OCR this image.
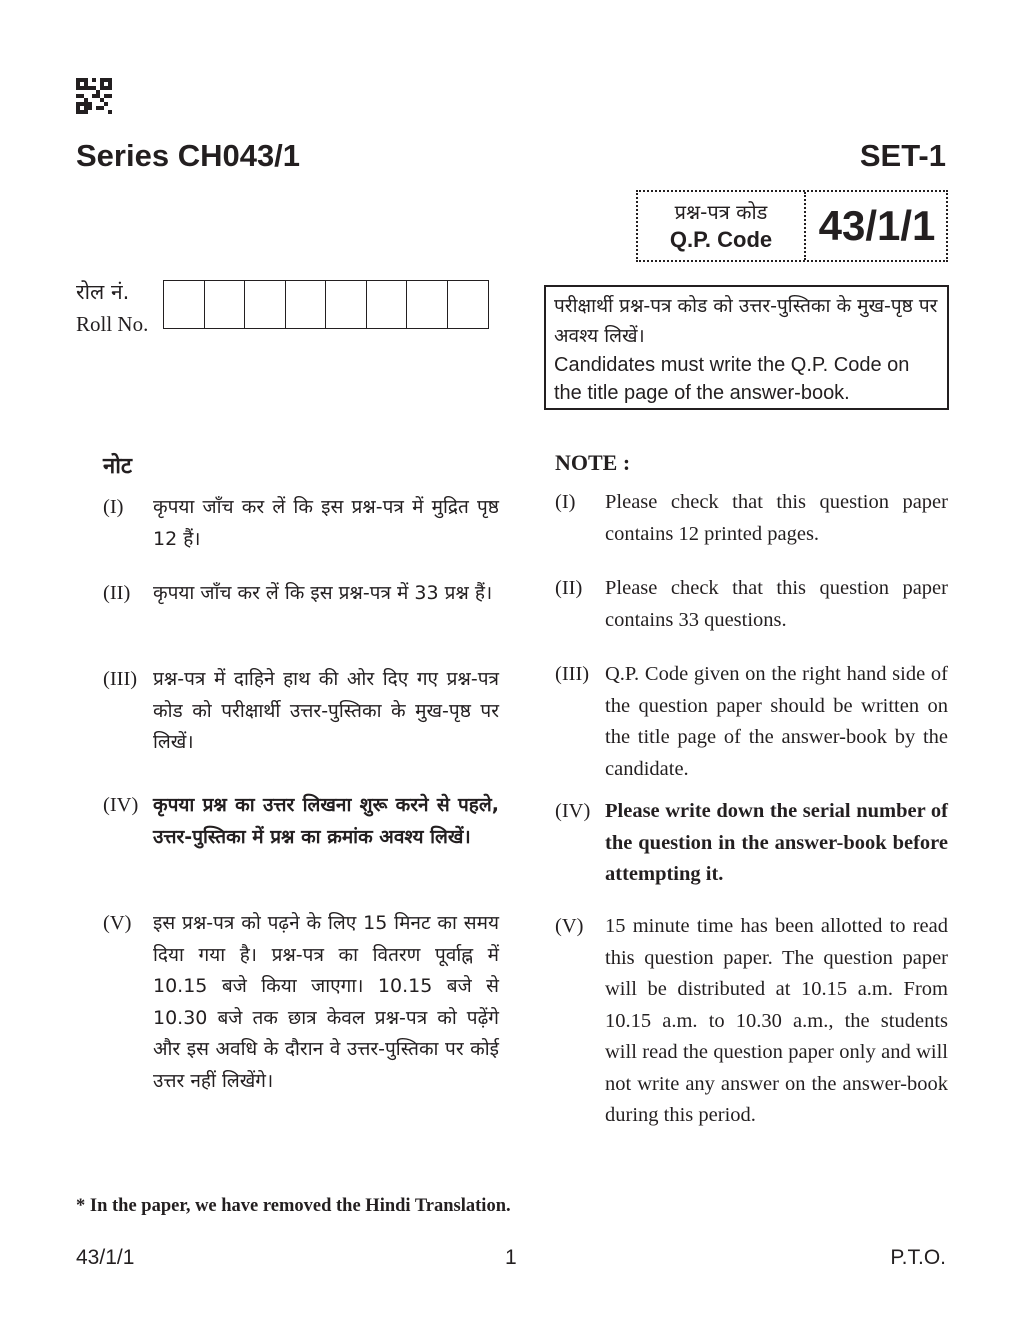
Series CH043/1	SET-1
प्रश्न-पत्र कोड
Q.P. Code	43/1/1
रोल नं.
Roll No.
परीक्षार्थी प्रश्न-पत्र कोड को उत्तर-पुस्तिका के मुख-पृष्ठ पर अवश्य लिखें।
Candidates must write the Q.P. Code on the title page of the answer-book.
नोट	NOTE :
(I) कृपया जाँच कर लें कि इस प्रश्न-पत्र में मुद्रित पृष्ठ 12 हैं।
(II) कृपया जाँच कर लें कि इस प्रश्न-पत्र में 33 प्रश्न हैं।
(III) प्रश्न-पत्र में दाहिने हाथ की ओर दिए गए प्रश्न-पत्र कोड को परीक्षार्थी उत्तर-पुस्तिका के मुख-पृष्ठ पर लिखें।
(IV) कृपया प्रश्न का उत्तर लिखना शुरू करने से पहले, उत्तर-पुस्तिका में प्रश्न का क्रमांक अवश्य लिखें।
(V) इस प्रश्न-पत्र को पढ़ने के लिए 15 मिनट का समय दिया गया है। प्रश्न-पत्र का वितरण पूर्वाह्न में 10.15 बजे किया जाएगा। 10.15 बजे से 10.30 बजे तक छात्र केवल प्रश्न-पत्र को पढ़ेंगे और इस अवधि के दौरान वे उत्तर-पुस्तिका पर कोई उत्तर नहीं लिखेंगे।
(I) Please check that this question paper contains 12 printed pages.
(II) Please check that this question paper contains 33 questions.
(III) Q.P. Code given on the right hand side of the question paper should be written on the title page of the answer-book by the candidate.
(IV) Please write down the serial number of the question in the answer-book before attempting it.
(V) 15 minute time has been allotted to read this question paper. The question paper will be distributed at 10.15 a.m. From 10.15 a.m. to 10.30 a.m., the students will read the question paper only and will not write any answer on the answer-book during this period.
* In the paper, we have removed the Hindi Translation.
43/1/1	1	P.T.O.
